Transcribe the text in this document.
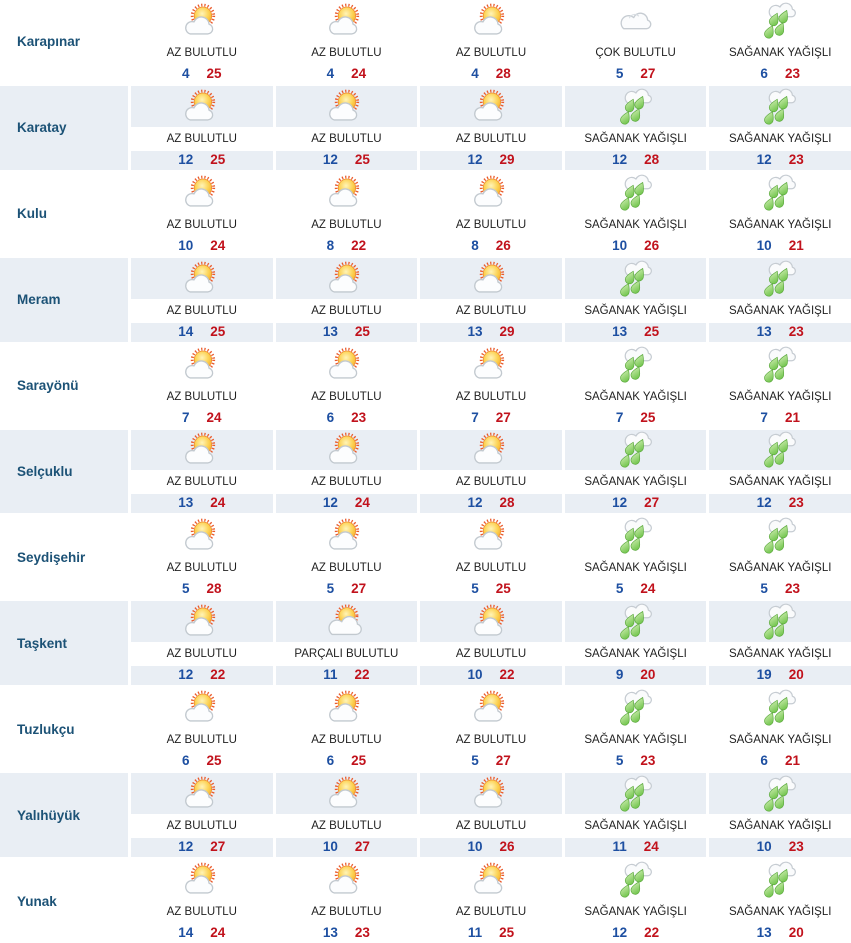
Karapınar
AZ BULUTLU
4 25
AZ BULUTLU
4 24
AZ BULUTLU
4 28
ÇOK BULUTLU
5 27
SAĞANAK YAĞIŞLI
6 23
Karatay
AZ BULUTLU
12 25
AZ BULUTLU
12 25
AZ BULUTLU
12 29
SAĞANAK YAĞIŞLI
12 28
SAĞANAK YAĞIŞLI
12 23
Kulu
AZ BULUTLU
10 24
AZ BULUTLU
8 22
AZ BULUTLU
8 26
SAĞANAK YAĞIŞLI
10 26
SAĞANAK YAĞIŞLI
10 21
Meram
AZ BULUTLU
14 25
AZ BULUTLU
13 25
AZ BULUTLU
13 29
SAĞANAK YAĞIŞLI
13 25
SAĞANAK YAĞIŞLI
13 23
Sarayönü
AZ BULUTLU
7 24
AZ BULUTLU
6 23
AZ BULUTLU
7 27
SAĞANAK YAĞIŞLI
7 25
SAĞANAK YAĞIŞLI
7 21
Selçuklu
AZ BULUTLU
13 24
AZ BULUTLU
12 24
AZ BULUTLU
12 28
SAĞANAK YAĞIŞLI
12 27
SAĞANAK YAĞIŞLI
12 23
Seydişehir
AZ BULUTLU
5 28
AZ BULUTLU
5 27
AZ BULUTLU
5 25
SAĞANAK YAĞIŞLI
5 24
SAĞANAK YAĞIŞLI
5 23
Taşkent
AZ BULUTLU
12 22
PARÇALI BULUTLU
11 22
AZ BULUTLU
10 22
SAĞANAK YAĞIŞLI
9 20
SAĞANAK YAĞIŞLI
19 20
Tuzlukçu
AZ BULUTLU
6 25
AZ BULUTLU
6 25
AZ BULUTLU
5 27
SAĞANAK YAĞIŞLI
5 23
SAĞANAK YAĞIŞLI
6 21
Yalıhüyük
AZ BULUTLU
12 27
AZ BULUTLU
10 27
AZ BULUTLU
10 26
SAĞANAK YAĞIŞLI
11 24
SAĞANAK YAĞIŞLI
10 23
Yunak
AZ BULUTLU
14 24
AZ BULUTLU
13 23
AZ BULUTLU
11 25
SAĞANAK YAĞIŞLI
12 22
SAĞANAK YAĞIŞLI
13 20
